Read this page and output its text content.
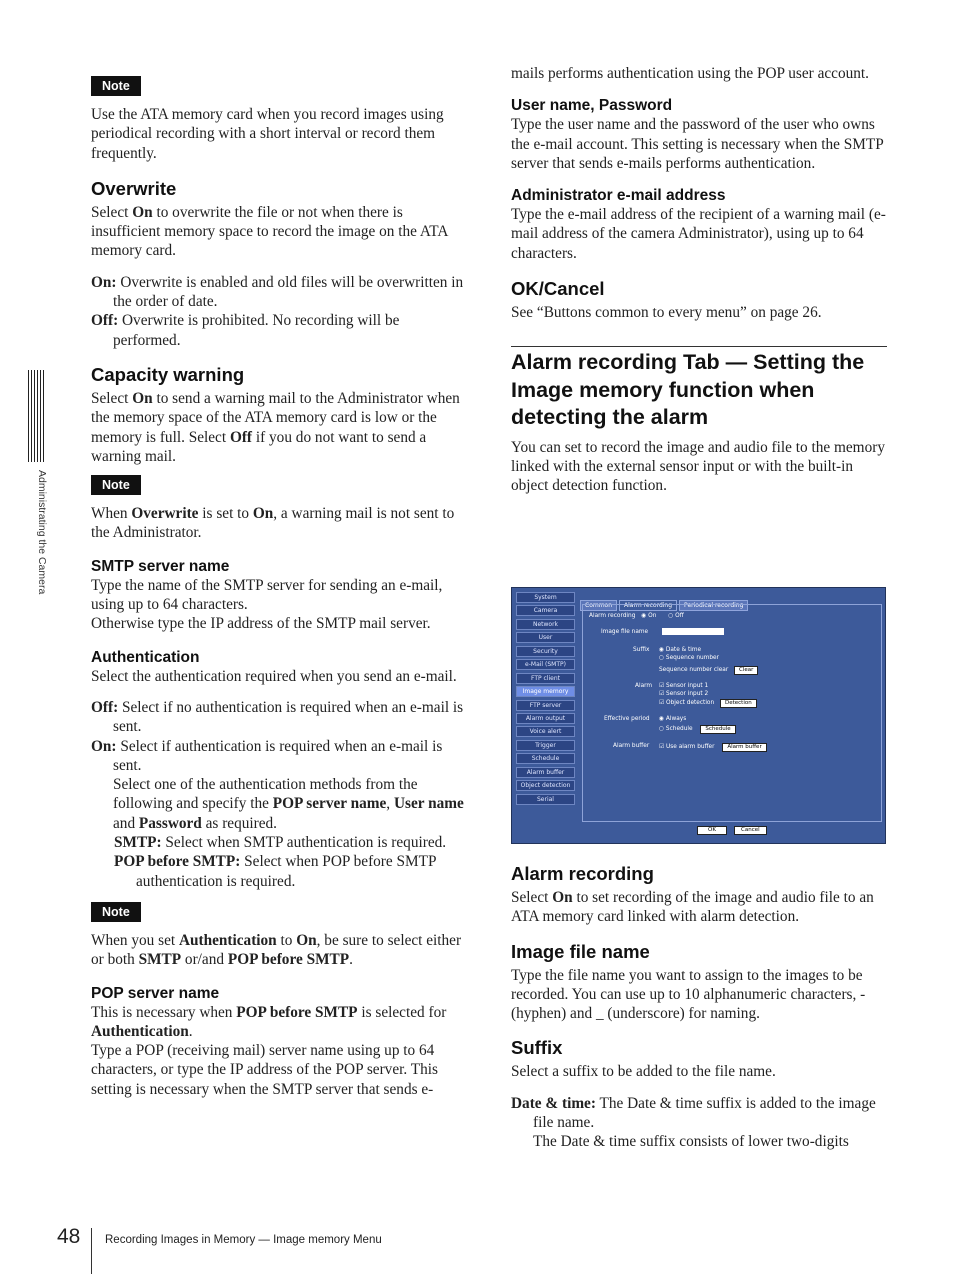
Note

Use the ATA memory card when you record images using periodical recording with a short interval or record them frequently.

Overwrite

Select On to overwrite the file or not when there is insufficient memory space to record the image on the ATA memory card.

On: Overwrite is enabled and old files will be overwritten in the order of date.

Off: Overwrite is prohibited. No recording will be performed.

Capacity warning

Select On to send a warning mail to the Administrator when the memory space of the ATA memory card is low or the memory is full. Select Off if you do not want to send a warning mail.

Note

When Overwrite is set to On, a warning mail is not sent to the Administrator.

SMTP server name

Type the name of the SMTP server for sending an e-mail, using up to 64 characters.

Otherwise type the IP address of the SMTP mail server.

Authentication

Select the authentication required when you send an e-mail.

Off: Select if no authentication is required when an e-mail is sent.

On: Select if authentication is required when an e-mail is sent.

Select one of the authentication methods from the following and specify the POP server name, User name and Password as required.

SMTP: Select when SMTP authentication is required.

POP before SMTP: Select when POP before SMTP authentication is required.

Note

When you set Authentication to On, be sure to select either or both SMTP or/and POP before SMTP.

POP server name

This is necessary when POP before SMTP is selected for Authentication.

Type a POP (receiving mail) server name using up to 64 characters, or type the IP address of the POP server. This setting is necessary when the SMTP server that sends e-

mails performs authentication using the POP user account.

User name, Password

Type the user name and the password of the user who owns the e-mail account. This setting is necessary when the SMTP server that sends e-mails performs authentication.

Administrator e-mail address

Type the e-mail address of the recipient of a warning mail (e-mail address of the camera Administrator), using up to 64 characters.

OK/Cancel

See “Buttons common to every menu” on page 26.

Alarm recording Tab — Setting the Image memory function when detecting the alarm

You can set to record the image and audio file to the memory linked with the external sensor input or with the built-in object detection function.

System
Camera
Network
User
Security
e-Mail (SMTP)
FTP client
Image memory
FTP server
Alarm output
Voice alert
Trigger
Schedule
Alarm buffer
Object detection
Serial
Common Alarm recording Periodical recording
Alarm recording ◉ On ○ Off
Image file name
Suffix ◉ Date & time
○ Sequence number
Sequence number clear Clear
Alarm ☑ Sensor input 1
☑ Sensor input 2
☑ Object detection Detection
Effective period ◉ Always
○ Schedule Schedule
Alarm buffer ☑ Use alarm buffer Alarm buffer
OK	Cancel
Alarm recording

Select On to set recording of the image and audio file to an ATA memory card linked with alarm detection.

Image file name

Type the file name you want to assign to the images to be recorded. You can use up to 10 alphanumeric characters, - (hyphen) and _ (underscore) for naming.

Suffix

Select a suffix to be added to the file name.

Date & time: The Date & time suffix is added to the image file name.

The Date & time suffix consists of lower two-digits

Administrating the Camera
48 Recording Images in Memory — Image memory Menu
